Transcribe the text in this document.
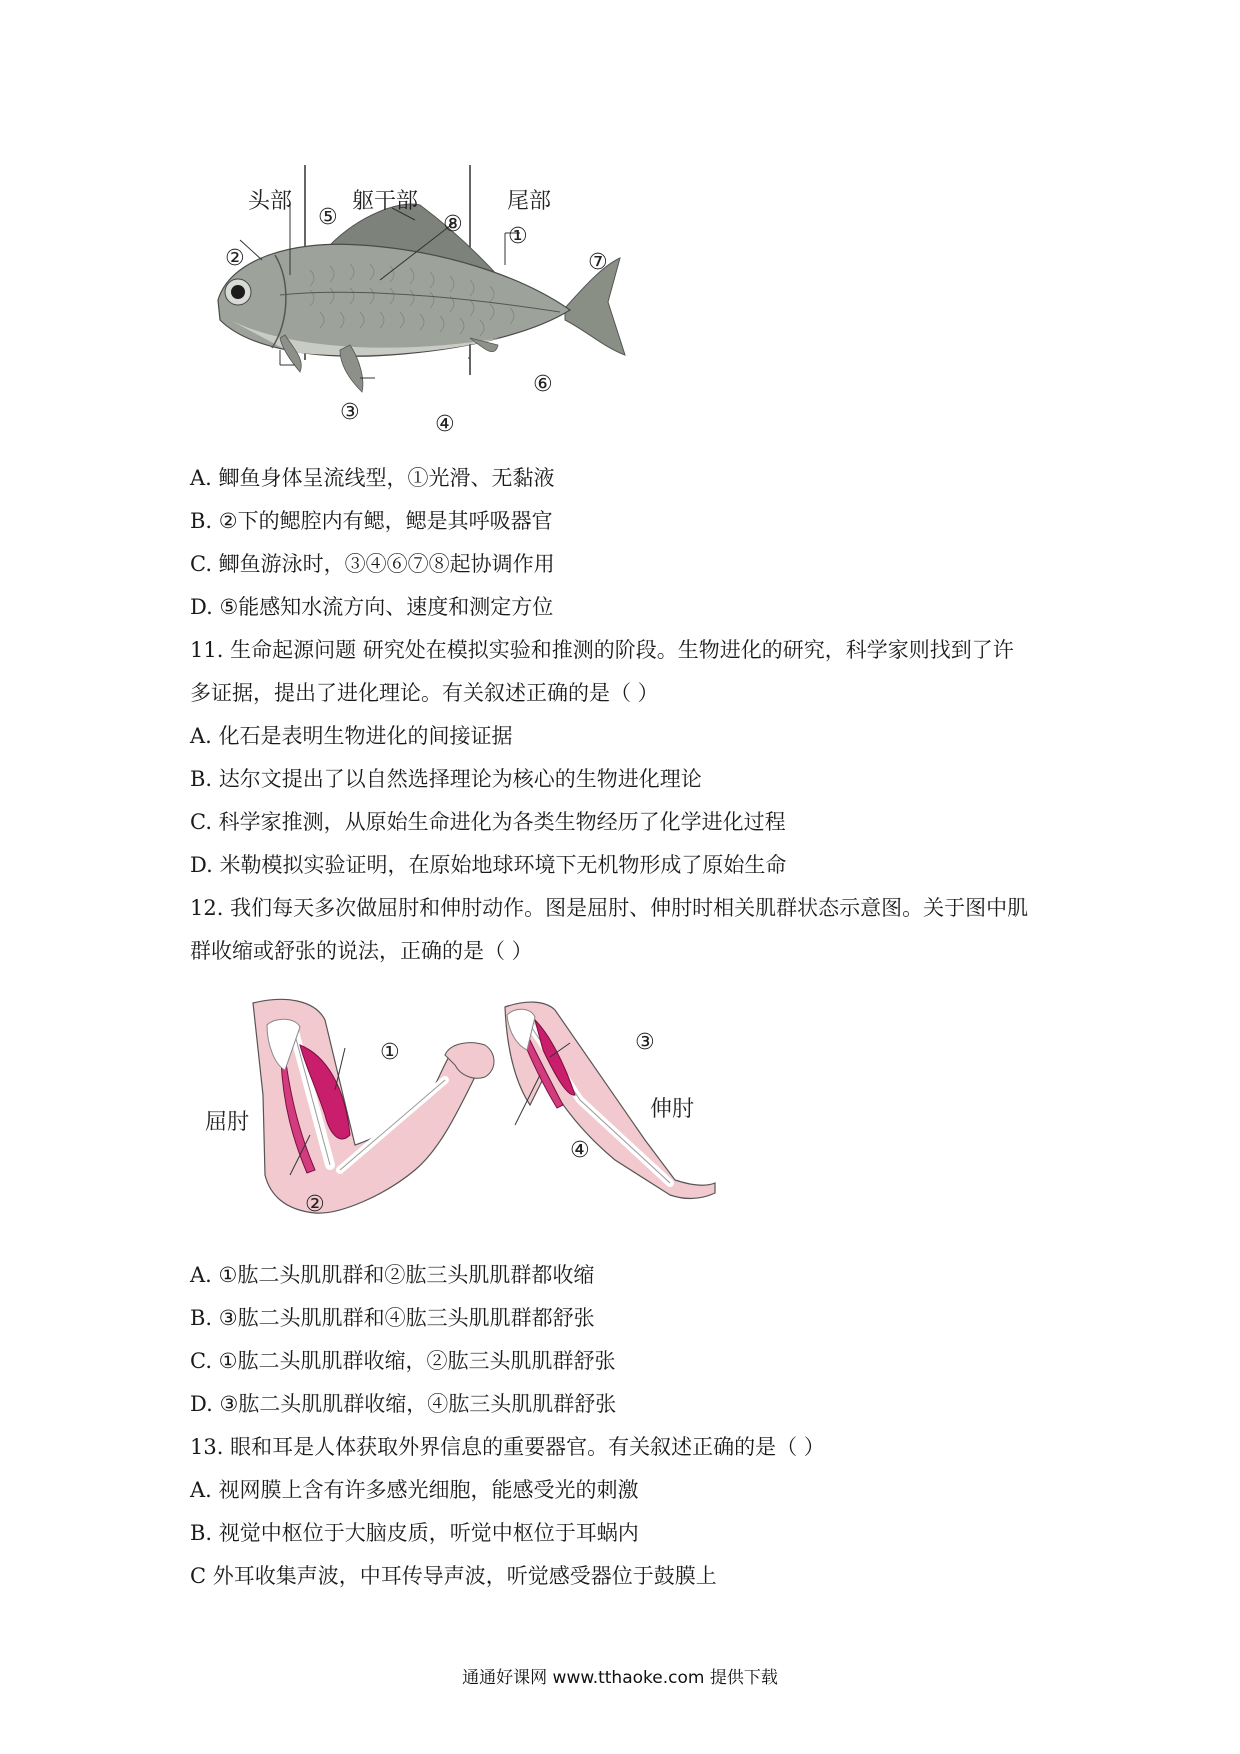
头部	躯干部	尾部
⑤	⑧ ①
②	⑦
⑥
③	④
A. 鲫鱼身体呈流线型，①光滑、无黏液
B. ②下的鳃腔内有鳃，鳃是其呼吸器官
C. 鲫鱼游泳时，③④⑥⑦⑧起协调作用
D. ⑤能感知水流方向、速度和测定方位
11. 生命起源问题 研究处在模拟实验和推测的阶段。生物进化的研究，科学家则找到了许
多证据，提出了进化理论。有关叙述正确的是（ ）
A. 化石是表明生物进化的间接证据
B. 达尔文提出了以自然选择理论为核心的生物进化理论
C. 科学家推测，从原始生命进化为各类生物经历了化学进化过程
D. 米勒模拟实验证明，在原始地球环境下无机物形成了原始生命
12. 我们每天多次做屈肘和伸肘动作。图是屈肘、伸肘时相关肌群状态示意图。关于图中肌
群收缩或舒张的说法，正确的是（ ）
屈肘
伸肘
①
②
③
④
A. ①肱二头肌肌群和②肱三头肌肌群都收缩
B. ③肱二头肌肌群和④肱三头肌肌群都舒张
C. ①肱二头肌肌群收缩，②肱三头肌肌群舒张
D. ③肱二头肌肌群收缩，④肱三头肌肌群舒张
13. 眼和耳是人体获取外界信息的重要器官。有关叙述正确的是（ ）
A. 视网膜上含有许多感光细胞，能感受光的刺激
B. 视觉中枢位于大脑皮质，听觉中枢位于耳蜗内
C 外耳收集声波，中耳传导声波，听觉感受器位于鼓膜上
通通好课网 www.tthaoke.com 提供下载
